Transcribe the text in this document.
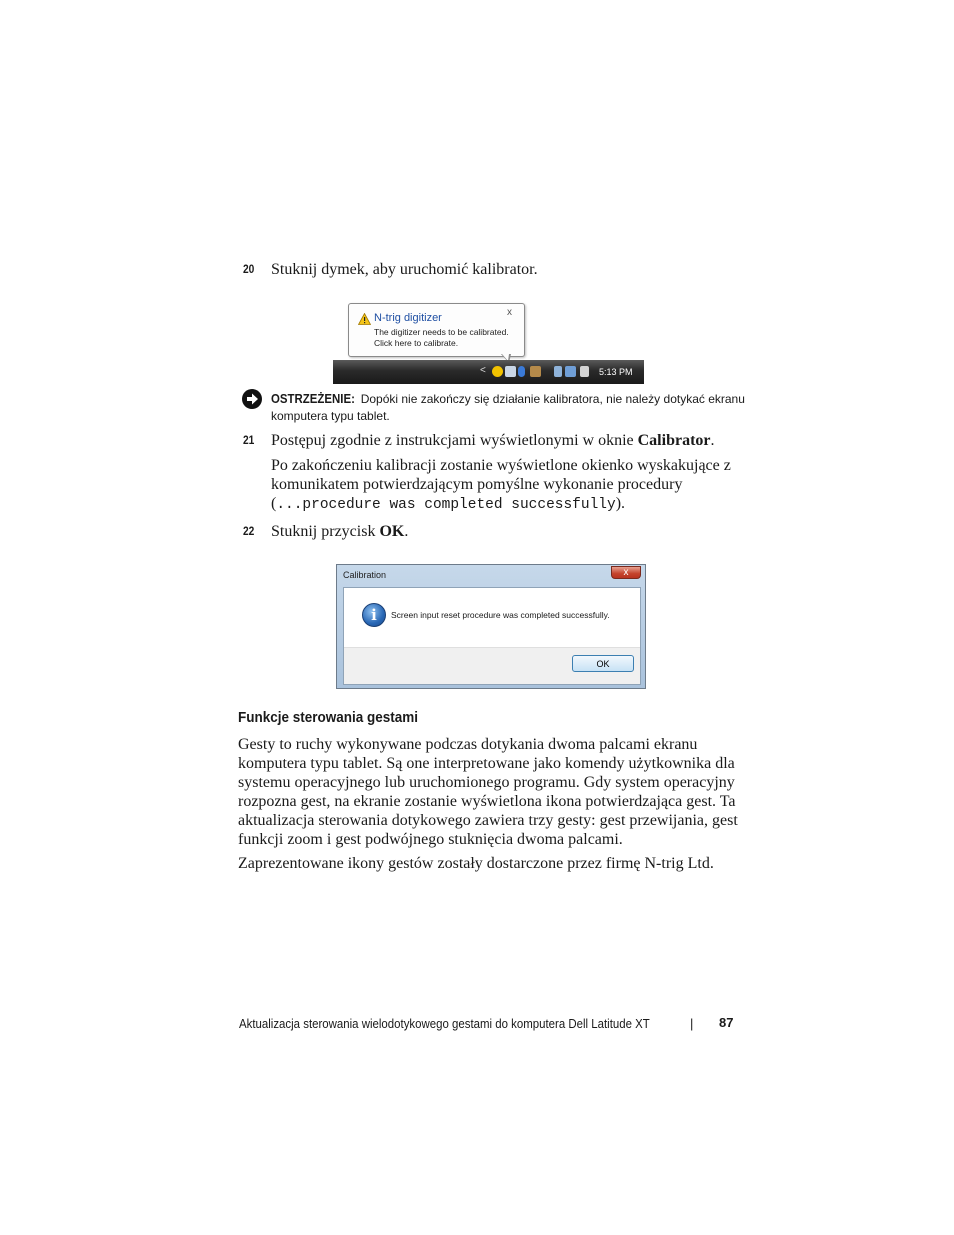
20 Stuknij dymek, aby uruchomić kalibrator.
N-trig digitizer	x
The digitizer needs to be calibrated.
Click here to calibrate.
<	5:13 PM
OSTRZEŻENIE: Dopóki nie zakończy się działanie kalibratora, nie należy dotykać ekranu
komputera typu tablet.
21 Postępuj zgodnie z instrukcjami wyświetlonymi w oknie Calibrator.
Po zakończeniu kalibracji zostanie wyświetlone okienko wyskakujące z
komunikatem potwierdzającym pomyślne wykonanie procedury
(...procedure was completed successfully).
22 Stuknij przycisk OK.
Calibration	x
i	Screen input reset procedure was completed successfully.
OK
Funkcje sterowania gestami
Gesty to ruchy wykonywane podczas dotykania dwoma palcami ekranu
komputera typu tablet. Są one interpretowane jako komendy użytkownika dla
systemu operacyjnego lub uruchomionego programu. Gdy system operacyjny
rozpozna gest, na ekranie zostanie wyświetlona ikona potwierdzająca gest. Ta
aktualizacja sterowania dotykowego zawiera trzy gesty: gest przewijania, gest
funkcji zoom i gest podwójnego stuknięcia dwoma palcami.
Zaprezentowane ikony gestów zostały dostarczone przez firmę N-trig Ltd.
Aktualizacja sterowania wielodotykowego gestami do komputera Dell Latitude XT	| 87
